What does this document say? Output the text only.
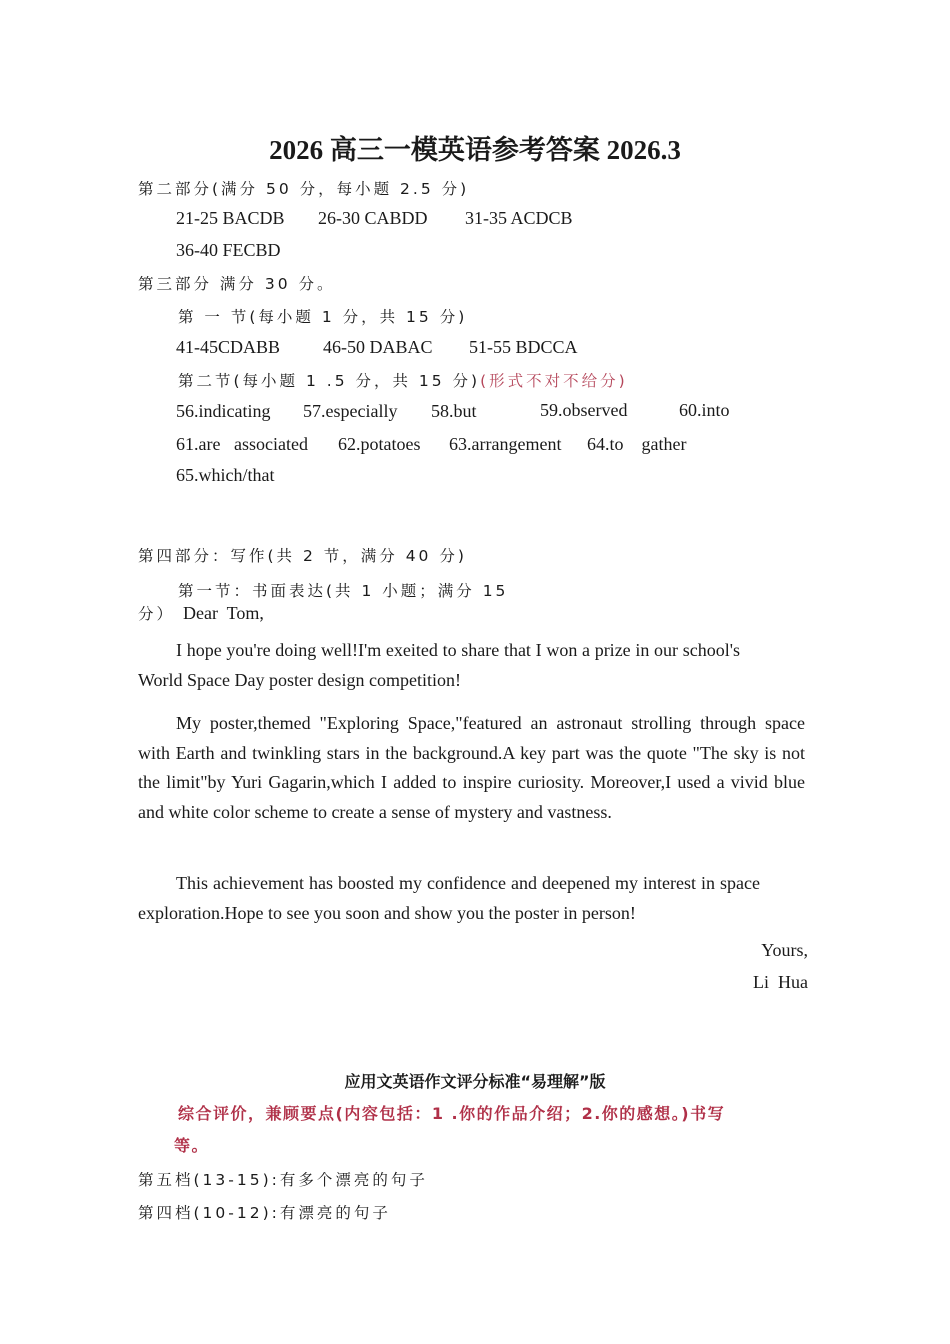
2026 高三一模英语参考答案 2026.3
第二部分(满分 50 分，每小题 2.5 分)
21-25 BACDB 26-30 CABDD 31-35 ACDCB
36-40 FECBD
第三部分 满分 30 分。
第 一 节(每小题 1 分，共 15 分)
41-45CDABB 46-50 DABAC 51-55 BDCCA
第二节(每小题 1 .5 分，共 15 分)(形式不对不给分)
56.indicating 57.especially 58.but	59.observed	60.into
61.are   associated 62.potatoes 63.arrangement 64.to    gather
65.which/that
第四部分：写作(共 2 节，满分 40 分)
第一节：书面表达(共 1 小题；满分 15
分） Dear  Tom,
I hope you're doing well!I'm exeited to share that I won a prize in our school's World Space Day poster design competition!
My poster,themed "Exploring Space,"featured an astronaut strolling through space with Earth and twinkling stars in the background.A key part was the quote "The sky is not the limit"by Yuri Gagarin,which I added to inspire curiosity. Moreover,I used a vivid blue and white color scheme to create a sense of mystery and vastness.
This achievement has boosted my confidence and deepened my interest in space exploration.Hope to see you soon and show you the poster in person!
Yours,
Li  Hua
应用文英语作文评分标准“易理解”版
综合评价，兼顾要点(内容包括：1 .你的作品介绍；2.你的感想。)书写
等。
第五档(13-15):有多个漂亮的句子
第四档(10-12):有漂亮的句子
